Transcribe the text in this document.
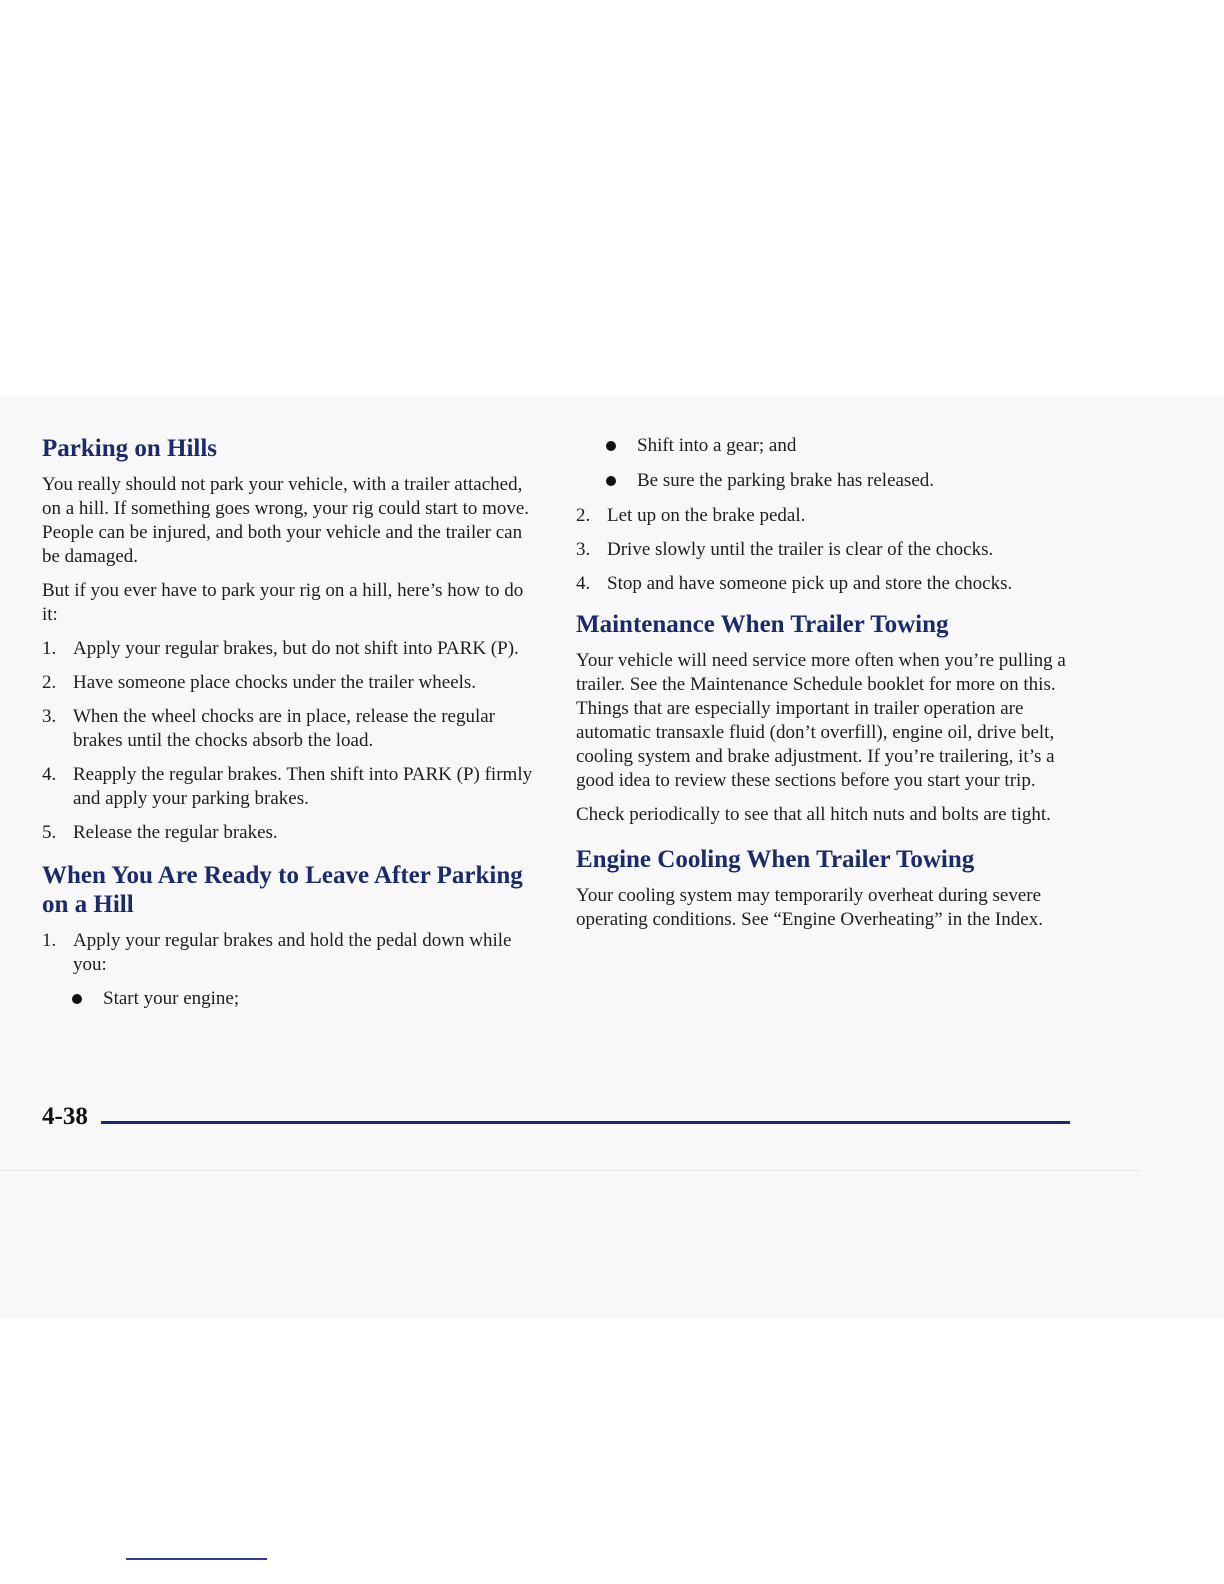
Parking on Hills

You really should not park your vehicle, with a trailer attached, on a hill. If something goes wrong, your rig could start to move. People can be injured, and both your vehicle and the trailer can be damaged.

But if you ever have to park your rig on a hill, here’s how to do it:

1. Apply your regular brakes, but do not shift into PARK (P).
2. Have someone place chocks under the trailer wheels.
3. When the wheel chocks are in place, release the regular brakes until the chocks absorb the load.
4. Reapply the regular brakes. Then shift into PARK (P) firmly and apply your parking brakes.
5. Release the regular brakes.
When You Are Ready to Leave After Parking on a Hill
1. Apply your regular brakes and hold the pedal down while you:
Start your engine;
Shift into a gear; and
Be sure the parking brake has released.
2. Let up on the brake pedal.
3. Drive slowly until the trailer is clear of the chocks.
4. Stop and have someone pick up and store the chocks.
Maintenance When Trailer Towing

Your vehicle will need service more often when you’re pulling a trailer. See the Maintenance Schedule booklet for more on this. Things that are especially important in trailer operation are automatic transaxle fluid (don’t overfill), engine oil, drive belt, cooling system and brake adjustment. If you’re trailering, it’s a good idea to review these sections before you start your trip.

Check periodically to see that all hitch nuts and bolts are tight.

Engine Cooling When Trailer Towing

Your cooling system may temporarily overheat during severe operating conditions. See “Engine Overheating” in the Index.

4-38
